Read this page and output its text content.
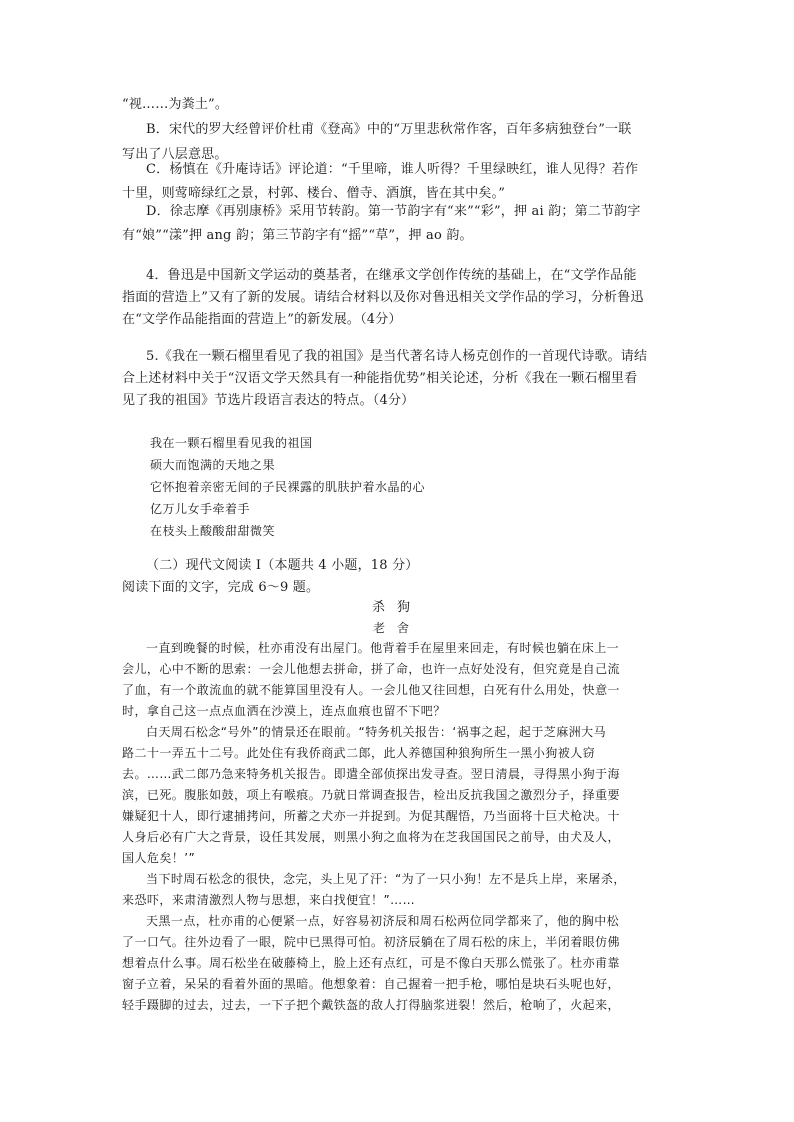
“视……为粪土”。
B．宋代的罗大经曾评价杜甫《登高》中的“万里悲秋常作客，百年多病独登台”一联
写出了八层意思。
C．杨慎在《升庵诗话》评论道：“千里啼，谁人听得？千里绿映红，谁人见得？若作
十里，则莺啼绿红之景，村郭、楼台、僧寺、酒旗，皆在其中矣。”
D．徐志摩《再别康桥》采用节转韵。第一节韵字有“来”“彩”，押 ai 韵；第二节韵字
有“娘”“漾”押 ang 韵；第三节韵字有“摇”“草”，押 ao 韵。
4．鲁迅是中国新文学运动的奠基者，在继承文学创作传统的基础上，在“文学作品能
指面的营造上”又有了新的发展。请结合材料以及你对鲁迅相关文学作品的学习，分析鲁迅
在“文学作品能指面的营造上”的新发展。（4分）
5.《我在一颗石榴里看见了我的祖国》是当代著名诗人杨克创作的一首现代诗歌。请结
合上述材料中关于“汉语文学天然具有一种能指优势”相关论述，分析《我在一颗石榴里看
见了我的祖国》节选片段语言表达的特点。（4分）
我在一颗石榴里看见我的祖国
硕大而饱满的天地之果
它怀抱着亲密无间的子民裸露的肌肤护着水晶的心
亿万儿女手牵着手
在枝头上酸酸甜甜微笑
（二）现代文阅读 I（本题共 4 小题，18 分）
阅读下面的文字，完成 6～9 题。
杀狗
老舍
一直到晚餐的时候，杜亦甫没有出屋门。他背着手在屋里来回走，有时候也躺在床上一
会儿，心中不断的思索：一会儿他想去拼命，拼了命，也许一点好处没有，但究竟是自己流
了血，有一个敢流血的就不能算国里没有人。一会儿他又往回想，白死有什么用处，快意一
时，拿自己这一点点血洒在沙漠上，连点血痕也留不下吧？
白天周石松念“号外”的情景还在眼前。“特务机关报告：‘祸事之起，起于芝麻洲大马
路二十一弄五十二号。此处住有我侨商武二郎，此人养德国种狼狗所生一黑小狗被人窃
去。……武二郎乃急来特务机关报告。即遣全部侦探出发寻查。翌日清晨，寻得黑小狗于海
滨，已死。腹胀如鼓，项上有喉痕。乃就日常调查报告，检出反抗我国之激烈分子，择重要
嫌疑犯十人，即行逮捕拷问，所蓄之犬亦一并捉到。为促其醒悟，乃当面将十巨犬枪决。十
人身后必有广大之背景，设任其发展，则黑小狗之血将为在芝我国国民之前导，由犬及人，
国人危矣！’”
当下时周石松念的很快，念完，头上见了汗：“为了一只小狗！左不是兵上岸，来屠杀，
来恐吓，来肃清激烈人物与思想，来白找便宜！”……
天黑一点，杜亦甫的心便紧一点，好容易初济辰和周石松两位同学都来了，他的胸中松
了一口气。往外边看了一眼，院中已黑得可怕。初济辰躺在了周石松的床上，半闭着眼仿佛
想着点什么事。周石松坐在破藤椅上，脸上还有点红，可是不像白天那么慌张了。杜亦甫靠
窗子立着，呆呆的看着外面的黑暗。他想象着：自己握着一把手枪，哪怕是块石头呢也好，
轻手蹑脚的过去，过去，一下子把个戴铁盔的敌人打得脑浆迸裂！然后，枪响了，火起来，
